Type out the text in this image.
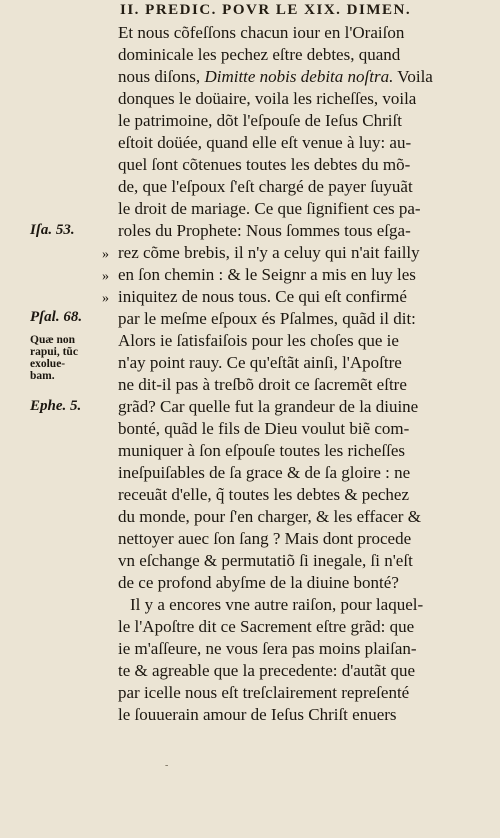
II. PREDIC. POVR LE XIX. DIMEN.
Et nous cõfeſſons chacun iour en l'Oraiſon
dominicale les pechez eſtre debtes, quand
nous diſons, Dimitte nobis debita noſtra. Voila
donques le doüaire, voila les richeſſes, voila
le patrimoine, dõt l'eſpouſe de Ieſus Chriſt
eſtoit doüée, quand elle eſt venue à luy: au-
quel ſont cõtenues toutes les debtes du mõ-
de, que l'eſpoux ſ'eſt chargé de payer ſuyuãt
le droit de mariage. Ce que ſignifient ces pa-
roles du Prophete: Nous ſommes tous eſga-
» rez cõme brebis, il n'y a celuy qui n'ait failly
» en ſon chemin : & le Seignr a mis en luy les
» iniquitez de nous tous. Ce qui eſt confirmé
par le meſme eſpoux és Pſalmes, quãd il dit:
Alors ie ſatisfaiſois pour les choſes que ie
n'ay point rauy. Ce qu'eſtãt ainſi, l'Apoſtre
ne dit-il pas à treſbõ droit ce ſacremẽt eſtre
grãd? Car quelle fut la grandeur de la diuine
bonté, quãd le fils de Dieu voulut biẽ com-
muniquer à ſon eſpouſe toutes les richeſſes
ineſpuiſables de ſa grace & de ſa gloire : ne
receuãt d'elle, q̃ toutes les debtes & pechez
du monde, pour ſ'en charger, & les effacer &
nettoyer auec ſon ſang ? Mais dont procede
vn eſchange & permutatiõ ſi inegale, ſi n'eſt
de ce profond abyſme de la diuine bonté?
Il y a encores vne autre raiſon, pour laquel-
le l'Apoſtre dit ce Sacrement eſtre grãd: que
ie m'aſſeure, ne vous ſera pas moins plaiſan-
te & agreable que la precedente: d'autãt que
par icelle nous eſt treſclairement repreſenté
le ſouuerain amour de Ieſus Chriſt enuers
Iſa. 53.
Pſal. 68.
Quæ non
rapui, tũc
exolue-
bam.
Ephe. 5.
-
